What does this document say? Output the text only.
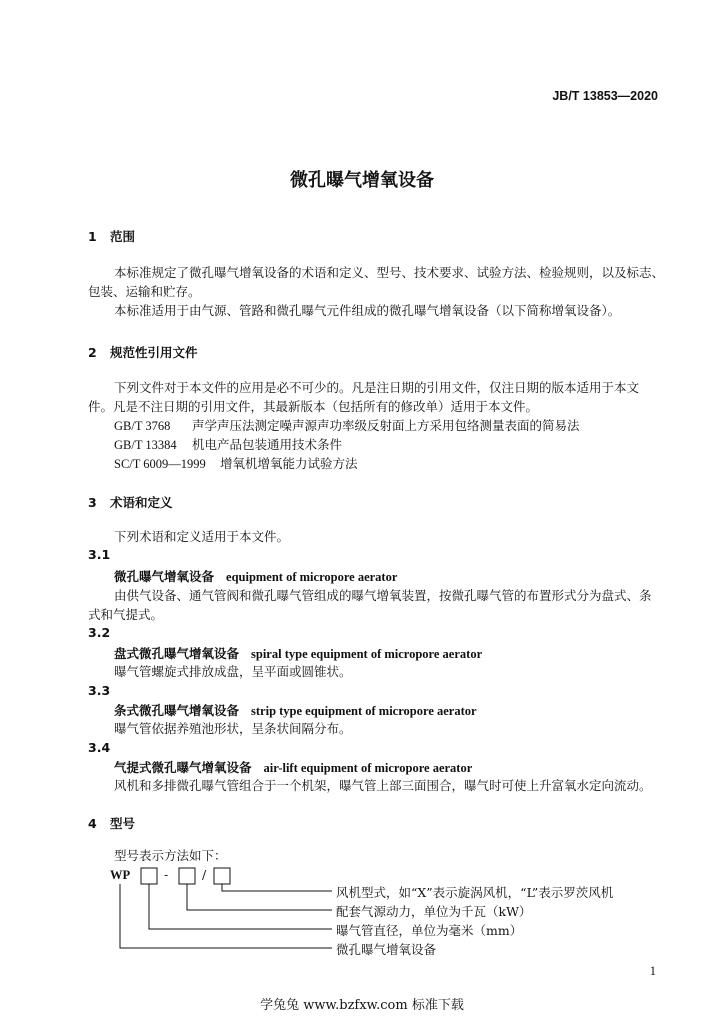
JB/T 13853—2020
微孔曝气增氧设备
1 范围
本标准规定了微孔曝气增氧设备的术语和定义、型号、技术要求、试验方法、检验规则，以及标志、
包装、运输和贮存。
本标准适用于由气源、管路和微孔曝气元件组成的微孔曝气增氧设备（以下简称增氧设备）。
2 规范性引用文件
下列文件对于本文件的应用是必不可少的。凡是注日期的引用文件，仅注日期的版本适用于本文
件。凡是不注日期的引用文件，其最新版本（包括所有的修改单）适用于本文件。
GB/T 3768 声学声压法测定噪声源声功率级反射面上方采用包络测量表面的简易法
GB/T 13384 机电产品包装通用技术条件
SC/T 6009—1999 增氧机增氧能力试验方法
3 术语和定义
下列术语和定义适用于本文件。
3.1
微孔曝气增氧设备 equipment of micropore aerator
由供气设备、通气管阀和微孔曝气管组成的曝气增氧装置，按微孔曝气管的布置形式分为盘式、条
式和气提式。
3.2
盘式微孔曝气增氧设备 spiral type equipment of micropore aerator
曝气管螺旋式排放成盘，呈平面或圆锥状。
3.3
条式微孔曝气增氧设备 strip type equipment of micropore aerator
曝气管依据养殖池形状，呈条状间隔分布。
3.4
气提式微孔曝气增氧设备 air-lift equipment of micropore aerator
风机和多排微孔曝气管组合于一个机架，曝气管上部三面围合，曝气时可使上升富氧水定向流动。
4 型号
型号表示方法如下：
WP	-	/
风机型式，如“X”表示旋涡风机，“L”表示罗茨风机
配套气源动力，单位为千瓦（kW）
曝气管直径，单位为毫米（mm）
微孔曝气增氧设备
1
学兔兔 www.bzfxw.com 标准下载
